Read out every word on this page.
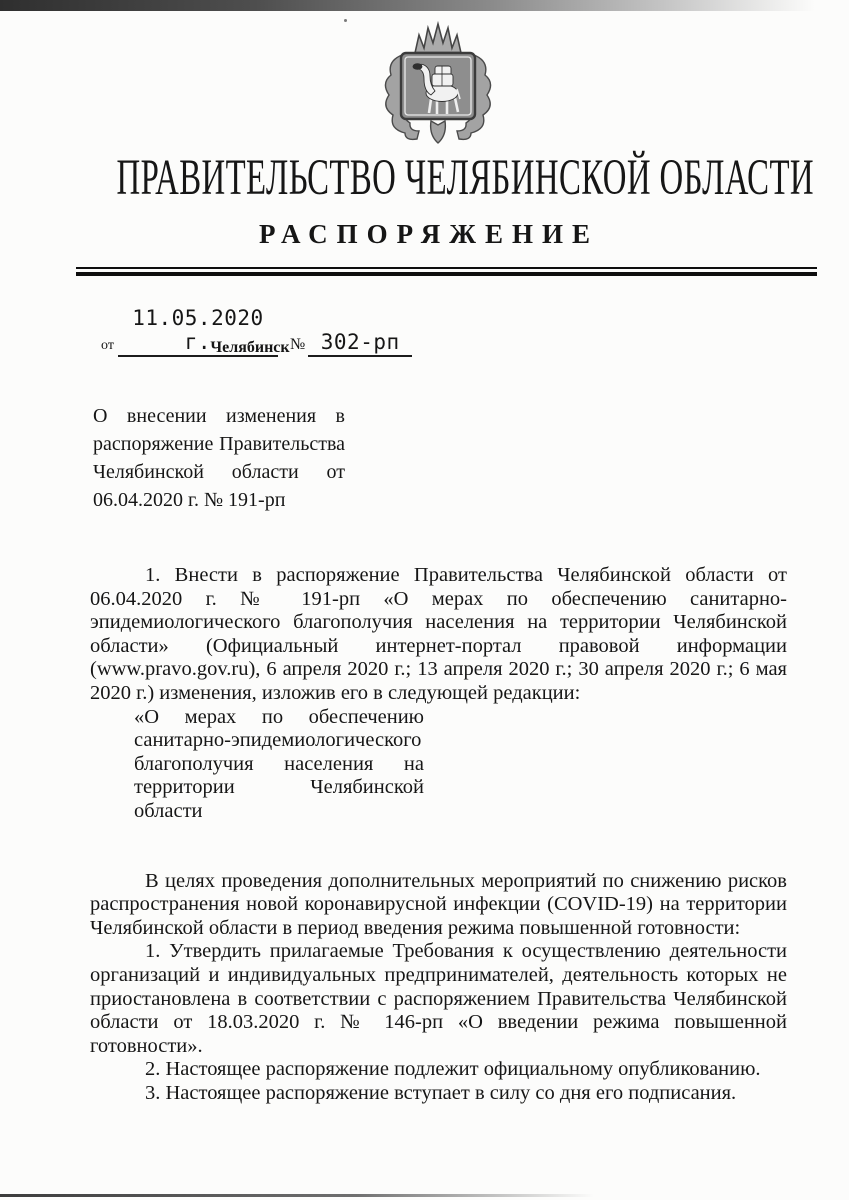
ПРАВИТЕЛЬСТВО ЧЕЛЯБИНСКОЙ ОБЛАСТИ
РАСПОРЯЖЕНИЕ
от
11.05.2020 г.	№ 302-рп
Челябинск
О внесении изменения в распоряжение Правительства Челябинской области от 06.04.2020 г. № 191-рп

1. Внести в распоряжение Правительства Челябинской области от 06.04.2020 г. № 191-рп «О мерах по обеспечению санитарно-эпидемиологического благополучия населения на территории Челябинской области» (Официальный интернет-портал правовой информации (www.pravo.gov.ru), 6 апреля 2020 г.; 13 апреля 2020 г.; 30 апреля 2020 г.; 6 мая 2020 г.) изменения, изложив его в следующей редакции:

«О мерах по обеспечению санитарно‑эпидемиологического благополучия населения на территории Челябинской области

В целях проведения дополнительных мероприятий по снижению рисков распространения новой коронавирусной инфекции (COVID-19) на территории Челябинской области в период введения режима повышенной готовности:

1. Утвердить прилагаемые Требования к осуществлению деятельности организаций и индивидуальных предпринимателей, деятельность которых не приостановлена в соответствии с распоряжением Правительства Челябинской области от 18.03.2020 г. № 146-рп «О введении режима повышенной готовности».

2. Настоящее распоряжение подлежит официальному опубликованию.

3. Настоящее распоряжение вступает в силу со дня его подписания.
